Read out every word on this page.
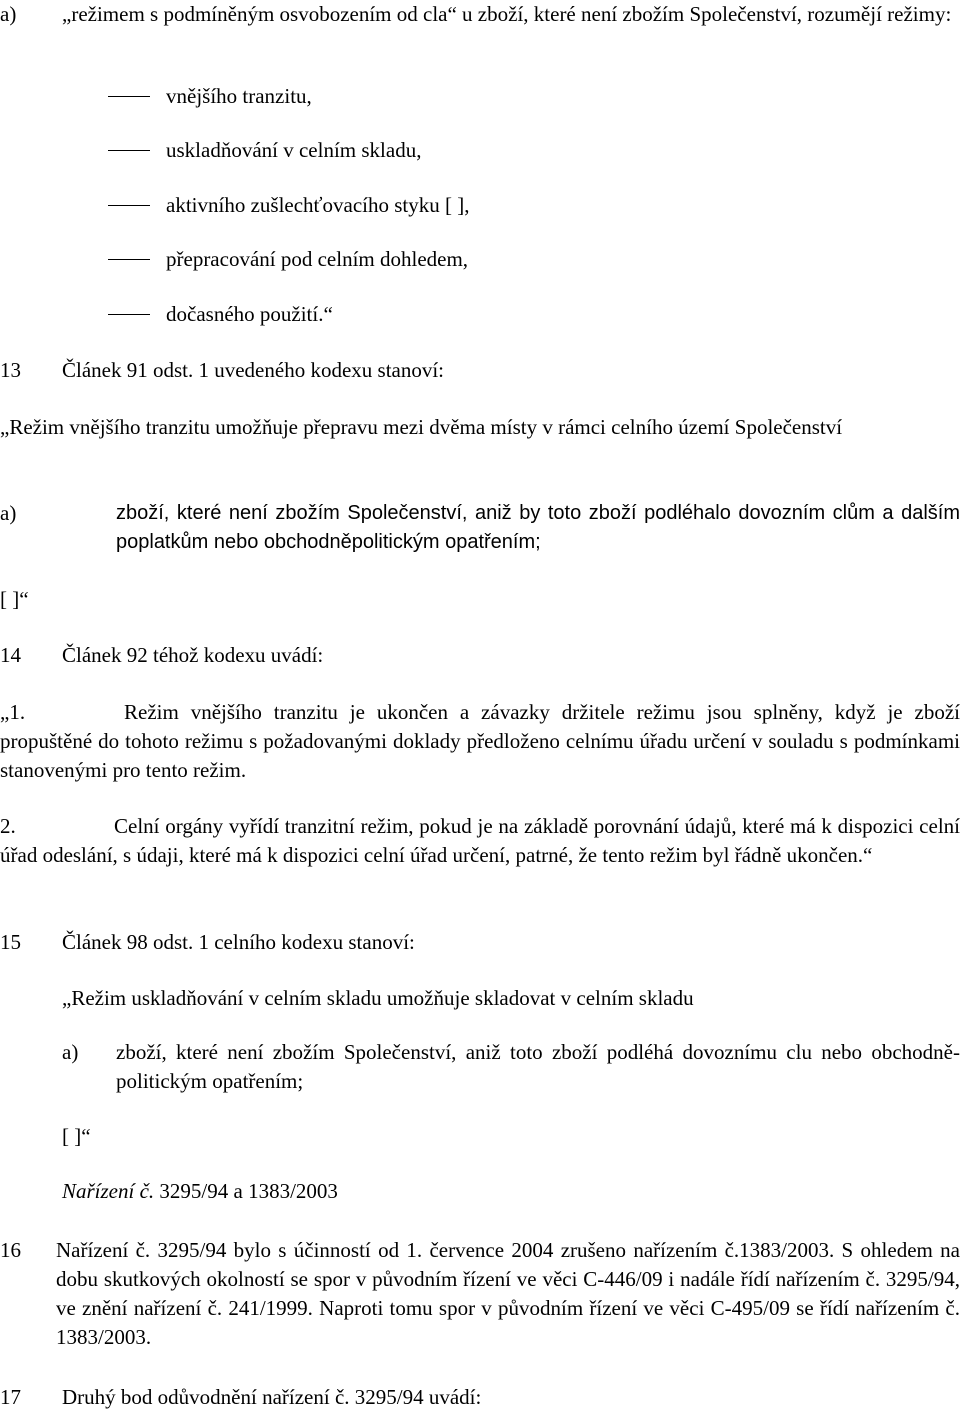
a) „režimem s podmíněným osvobozením od cla“ u zboží, které není zbožím Společenství, rozumějí režimy:
vnějšího tranzitu,
uskladňování v celním skladu,
aktivního zušlechťovacího styku [ ],
přepracování pod celním dohledem,
dočasného použití.“
13 Článek 91 odst. 1 uvedeného kodexu stanoví:
„Režim vnějšího tranzitu umožňuje přepravu mezi dvěma místy v rámci celního území Společenství
a)	zboží, které není zbožím Společenství, aniž by toto zboží podléhalo dovozním clům a dalším poplatkům nebo obchodněpolitickým opatřením;
[ ]“
14 Článek 92 téhož kodexu uvádí:
„1.	Režim vnějšího tranzitu je ukončen a závazky držitele režimu jsou splněny, když je zboží propuštěné do tohoto režimu s požadovanými doklady předloženo celnímu úřadu určení v souladu s podmínkami stanovenými pro tento režim.
2.	Celní orgány vyřídí tranzitní režim, pokud je na základě porovnání údajů, které má k dispozici celní úřad odeslání, s údaji, které má k dispozici celní úřad určení, patrné, že tento režim byl řádně ukončen.“
15 Článek 98 odst. 1 celního kodexu stanoví:
„Režim uskladňování v celním skladu umožňuje skladovat v celním skladu
a) zboží, které není zbožím Společenství, aniž toto zboží podléhá dovoznímu clu nebo obchodně-politickým opatřením;
[ ]“
Nařízení č. 3295/94 a 1383/2003
16 Nařízení č. 3295/94 bylo s účinností od 1. července 2004 zrušeno nařízením č.1383/2003. S ohledem na dobu skutkových okolností se spor v původním řízení ve věci C-446/09 i nadále řídí nařízením č. 3295/94, ve znění nařízení č. 241/1999. Naproti tomu spor v původním řízení ve věci C-495/09 se řídí nařízením č. 1383/2003.
17 Druhý bod odůvodnění nařízení č. 3295/94 uvádí:
